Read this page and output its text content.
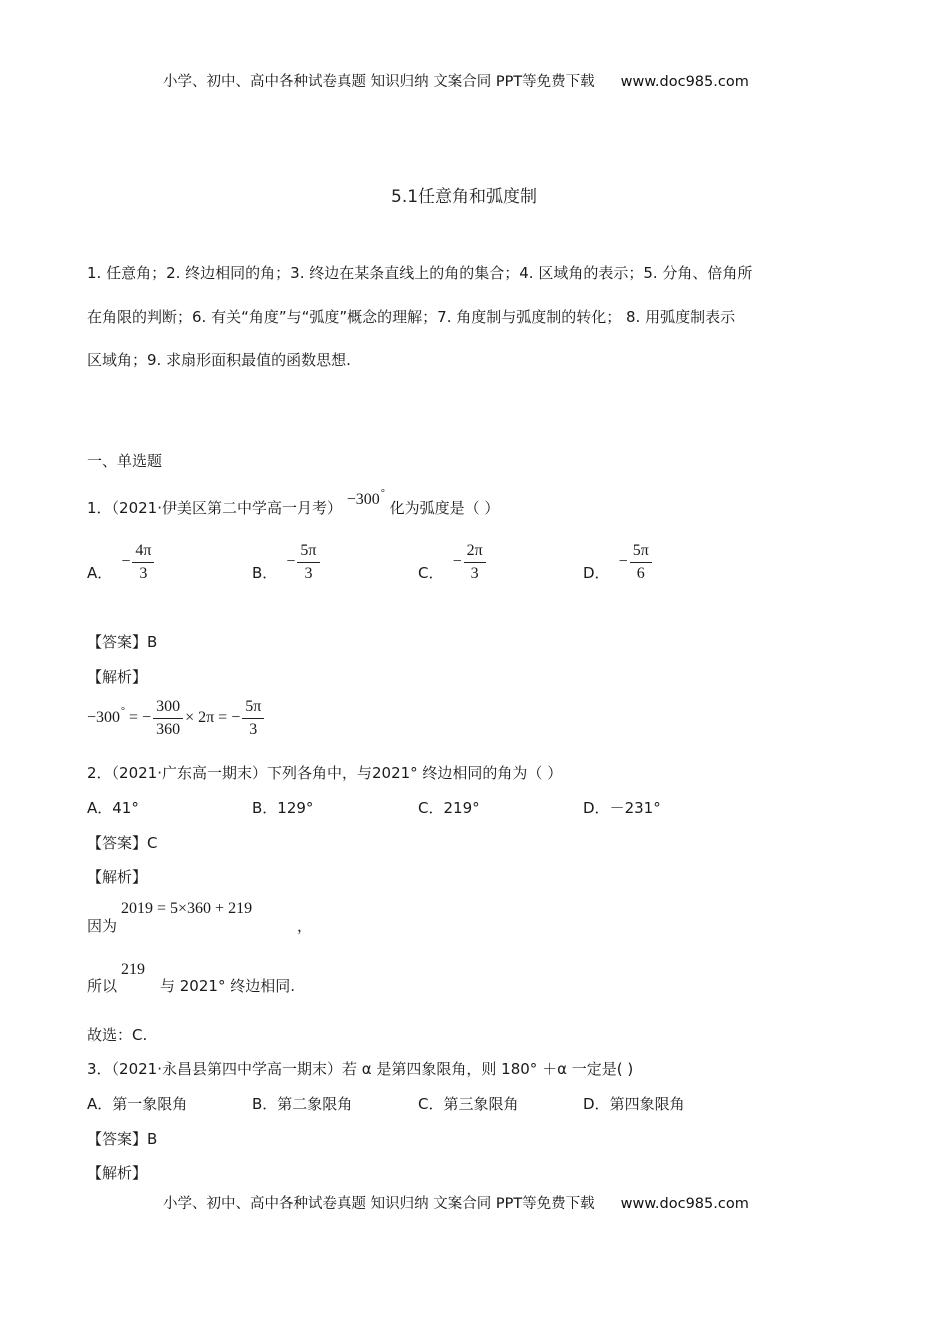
小学、初中、高中各种试卷真题 知识归纳 文案合同 PPT等免费下载 www.doc985.com
5.1任意角和弧度制
1. 任意角；2. 终边相同的角；3. 终边在某条直线上的角的集合；4. 区域角的表示；5. 分角、倍角所
在角限的判断；6. 有关“角度”与“弧度”概念的理解；7. 角度制与弧度制的转化； 8. 用弧度制表示
区域角；9. 求扇形面积最值的函数思想.
一、单选题
1．（2021·伊美区第二中学高一月考） −300° 化为弧度是（ ）
A． − $\frac{4\pi}{3}$	B． − $\frac{5\pi}{3}$	C． − $\frac{2\pi}{3}$	D． − $\frac{5\pi}{6}$
【答案】B
【解析】
−300° = − $\frac{300}{360} \times 2\pi$ = − $\frac{5\pi}{3}$
2．（2021·广东高一期末）下列各角中，与2021° 终边相同的角为（ ）
A．41°	B．129°	C．219°	D．－231°
【答案】C
【解析】
因为
2019 = 5×360 + 219
，
所以
219
与 2021° 终边相同.
故选：C.
3．（2021·永昌县第四中学高一期末）若 α 是第四象限角，则 180° ＋α 一定是( )
A．第一象限角	B．第二象限角	C．第三象限角	D．第四象限角
【答案】B
【解析】
小学、初中、高中各种试卷真题 知识归纳 文案合同 PPT等免费下载 www.doc985.com
